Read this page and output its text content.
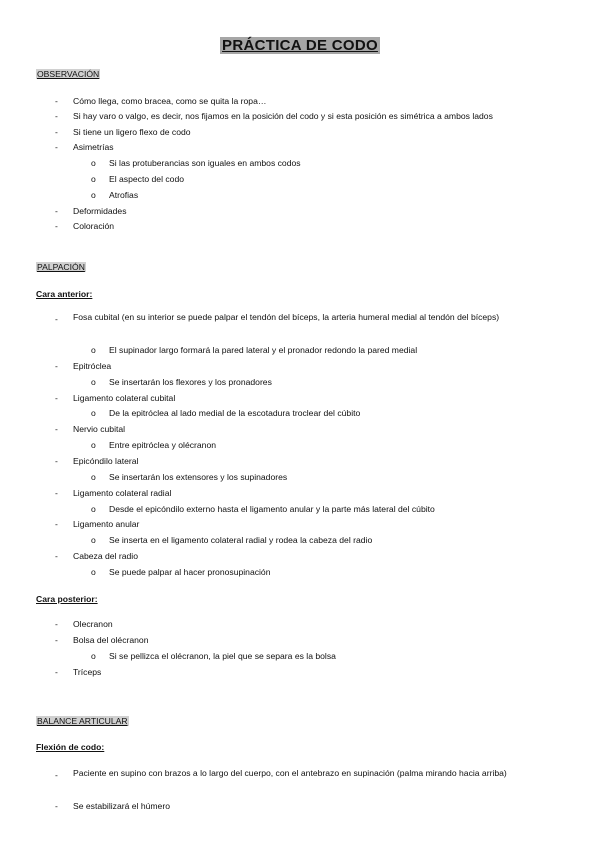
PRÁCTICA DE CODO
OBSERVACIÓN
- Cómo llega, como bracea, como se quita la ropa…
- Si hay varo o valgo, es decir, nos fijamos en la posición del codo y si esta posición es simétrica a ambos lados
- Si tiene un ligero flexo de codo
- Asimetrías
o Si las protuberancias son iguales en ambos codos
o El aspecto del codo
o Atrofias
- Deformidades
- Coloración
PALPACIÓN
Cara anterior:
- Fosa cubital (en su interior se puede palpar el tendón del bíceps, la arteria humeral medial al tendón del bíceps)
o El supinador largo formará la pared lateral y el pronador redondo la pared medial
- Epitróclea
o Se insertarán los flexores y los pronadores
- Ligamento colateral cubital
o De la epitróclea al lado medial de la escotadura troclear del cúbito
- Nervio cubital
o Entre epitróclea y olécranon
- Epicóndilo lateral
o Se insertarán los extensores y los supinadores
- Ligamento colateral radial
o Desde el epicóndilo externo hasta el ligamento anular y la parte más lateral del cúbito
- Ligamento anular
o Se inserta en el ligamento colateral radial y rodea la cabeza del radio
- Cabeza del radio
o Se puede palpar al hacer pronosupinación
Cara posterior:
- Olecranon
- Bolsa del olécranon
o Si se pellizca el olécranon, la piel que se separa es la bolsa
- Tríceps
BALANCE ARTICULAR
Flexión de codo:
- Paciente en supino con brazos a lo largo del cuerpo, con el antebrazo en supinación (palma mirando hacia arriba)
- Se estabilizará el húmero
